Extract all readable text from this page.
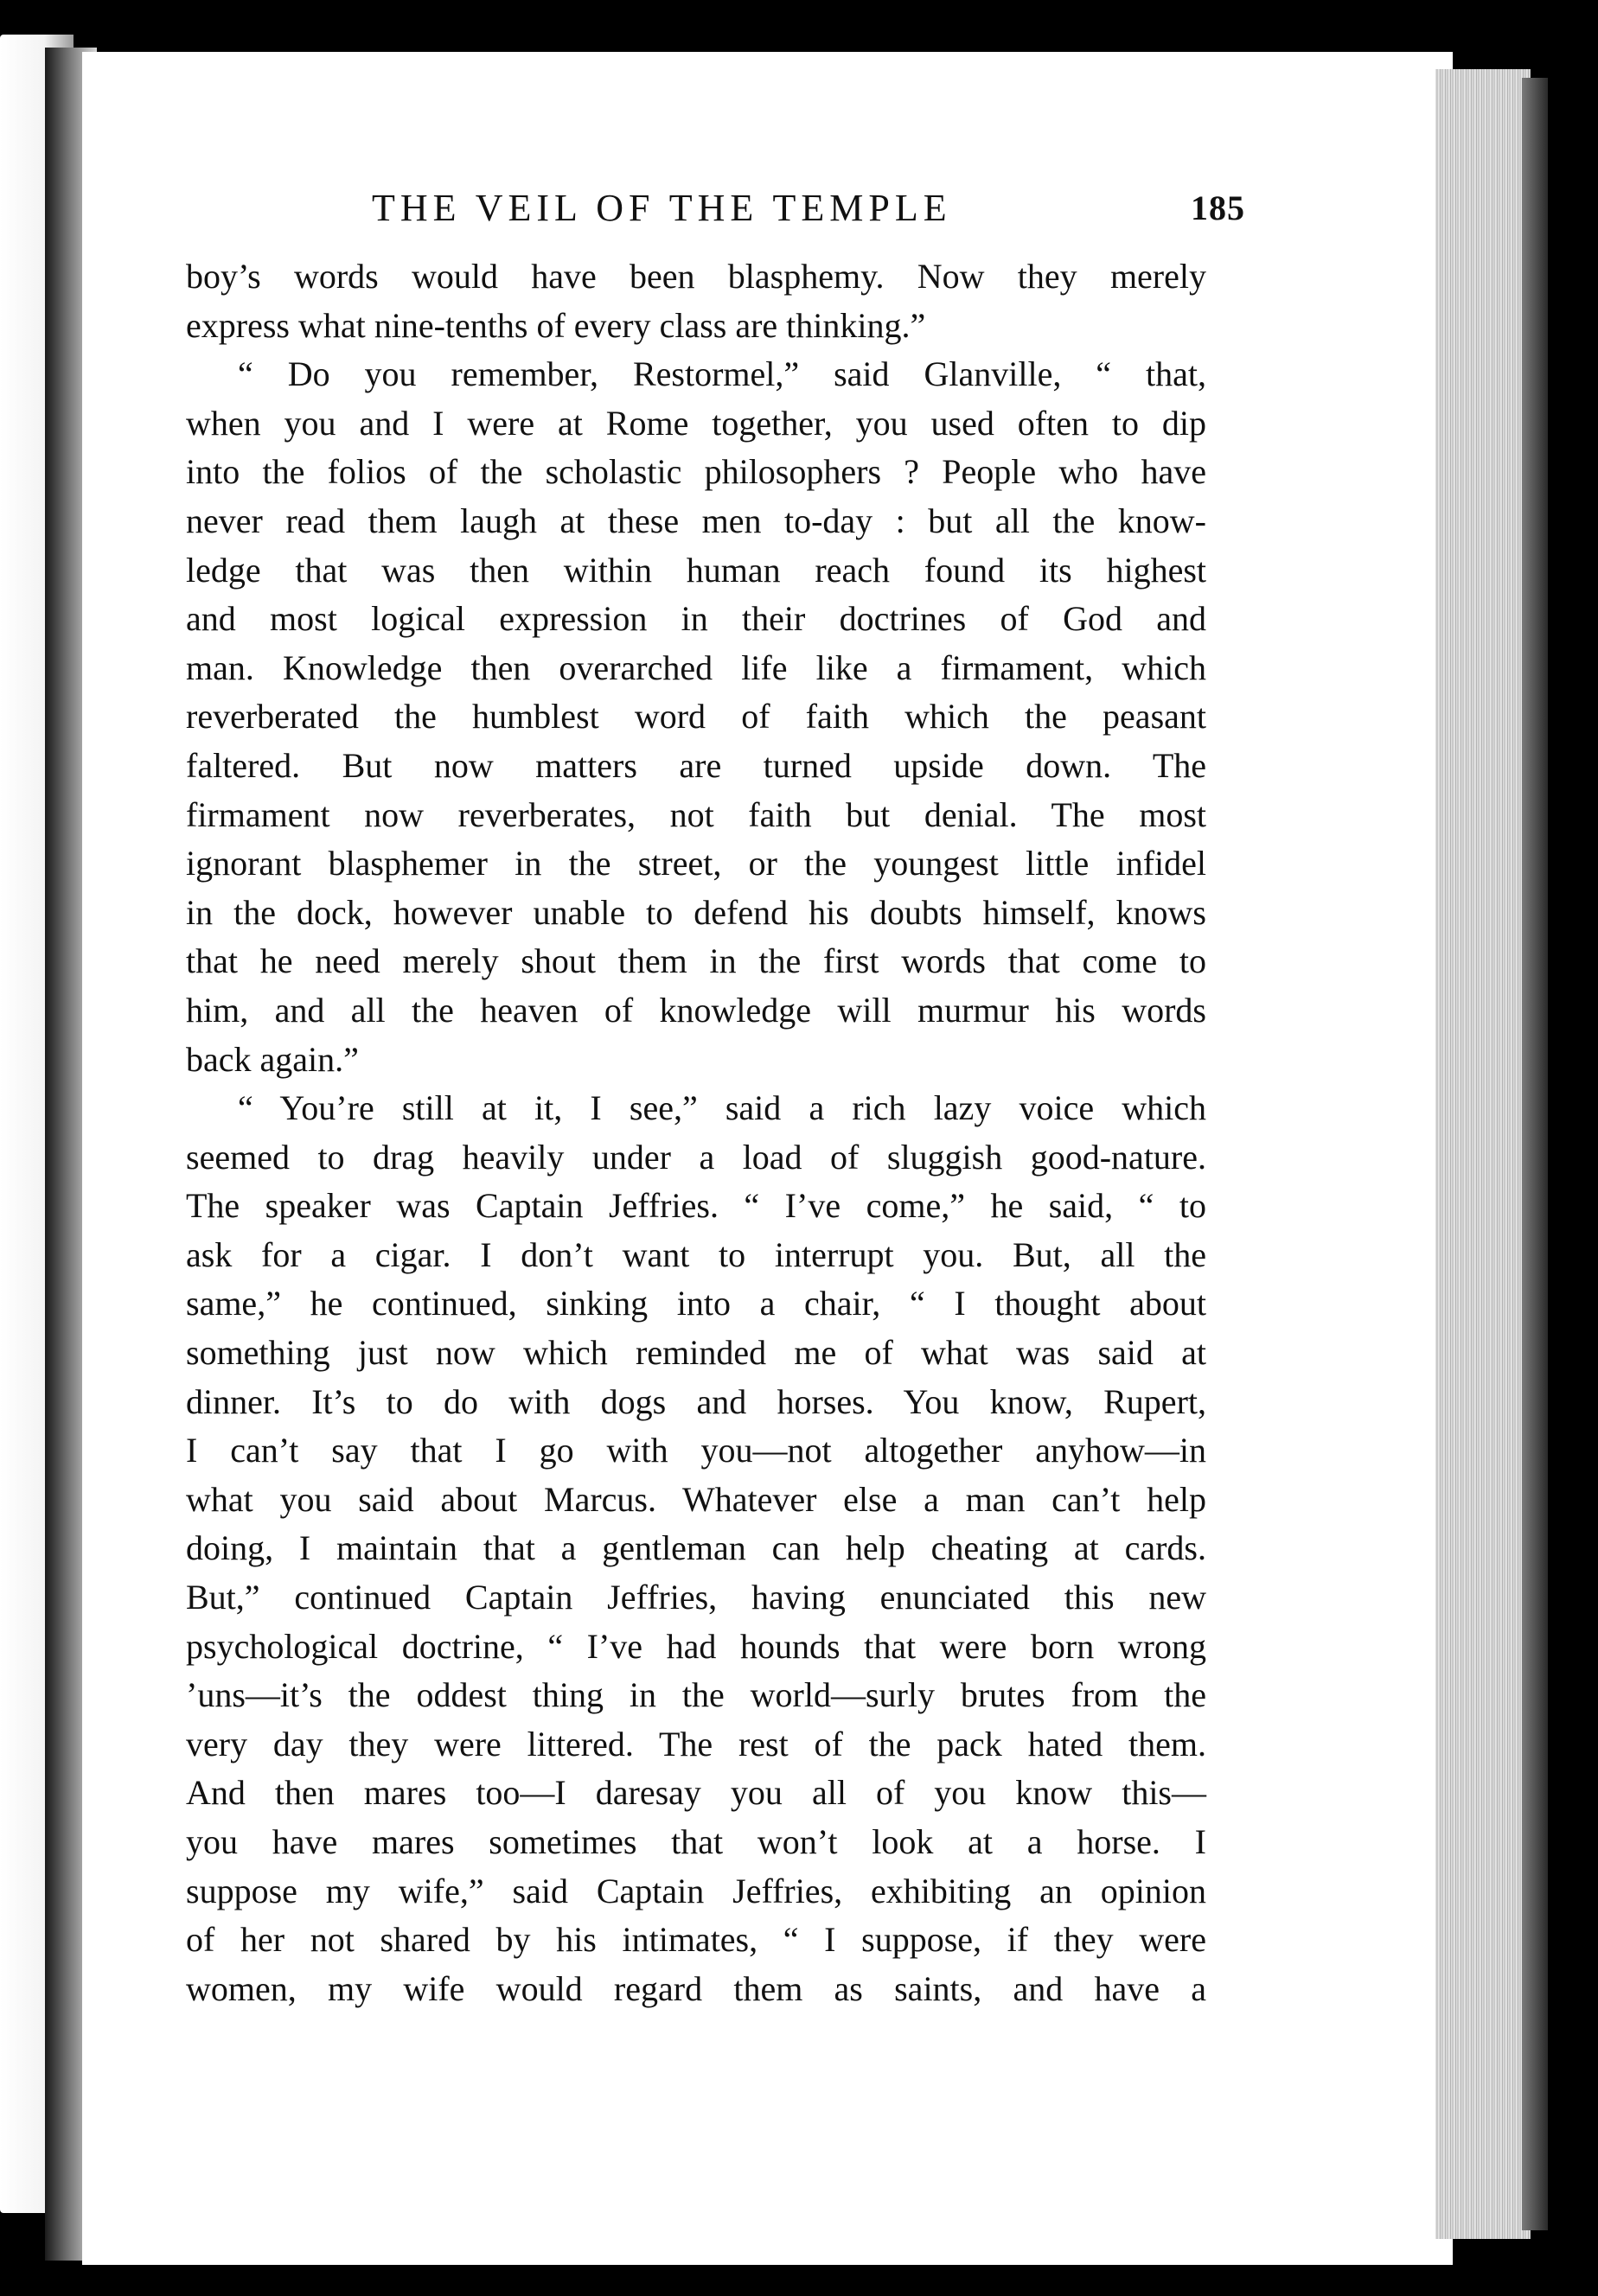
THE VEIL OF THE TEMPLE	185
boy’s words would have been blasphemy. Now they merely
express what nine-tenths of every class are thinking.”
“ Do you remember, Restormel,” said Glanville, “ that,
when you and I were at Rome together, you used often to dip
into the folios of the scholastic philosophers ? People who have
never read them laugh at these men to-day : but all the know-
ledge that was then within human reach found its highest
and most logical expression in their doctrines of God and
man. Knowledge then overarched life like a firmament, which
reverberated the humblest word of faith which the peasant
faltered. But now matters are turned upside down. The
firmament now reverberates, not faith but denial. The most
ignorant blasphemer in the street, or the youngest little infidel
in the dock, however unable to defend his doubts himself, knows
that he need merely shout them in the first words that come to
him, and all the heaven of knowledge will murmur his words
back again.”
“ You’re still at it, I see,” said a rich lazy voice which
seemed to drag heavily under a load of sluggish good-nature.
The speaker was Captain Jeffries. “ I’ve come,” he said, “ to
ask for a cigar. I don’t want to interrupt you. But, all the
same,” he continued, sinking into a chair, “ I thought about
something just now which reminded me of what was said at
dinner. It’s to do with dogs and horses. You know, Rupert,
I can’t say that I go with you—not altogether anyhow—in
what you said about Marcus. Whatever else a man can’t help
doing, I maintain that a gentleman can help cheating at cards.
But,” continued Captain Jeffries, having enunciated this new
psychological doctrine, “ I’ve had hounds that were born wrong
’uns—it’s the oddest thing in the world—surly brutes from the
very day they were littered. The rest of the pack hated them.
And then mares too—I daresay you all of you know this—
you have mares sometimes that won’t look at a horse. I
suppose my wife,” said Captain Jeffries, exhibiting an opinion
of her not shared by his intimates, “ I suppose, if they were
women, my wife would regard them as saints, and have a
